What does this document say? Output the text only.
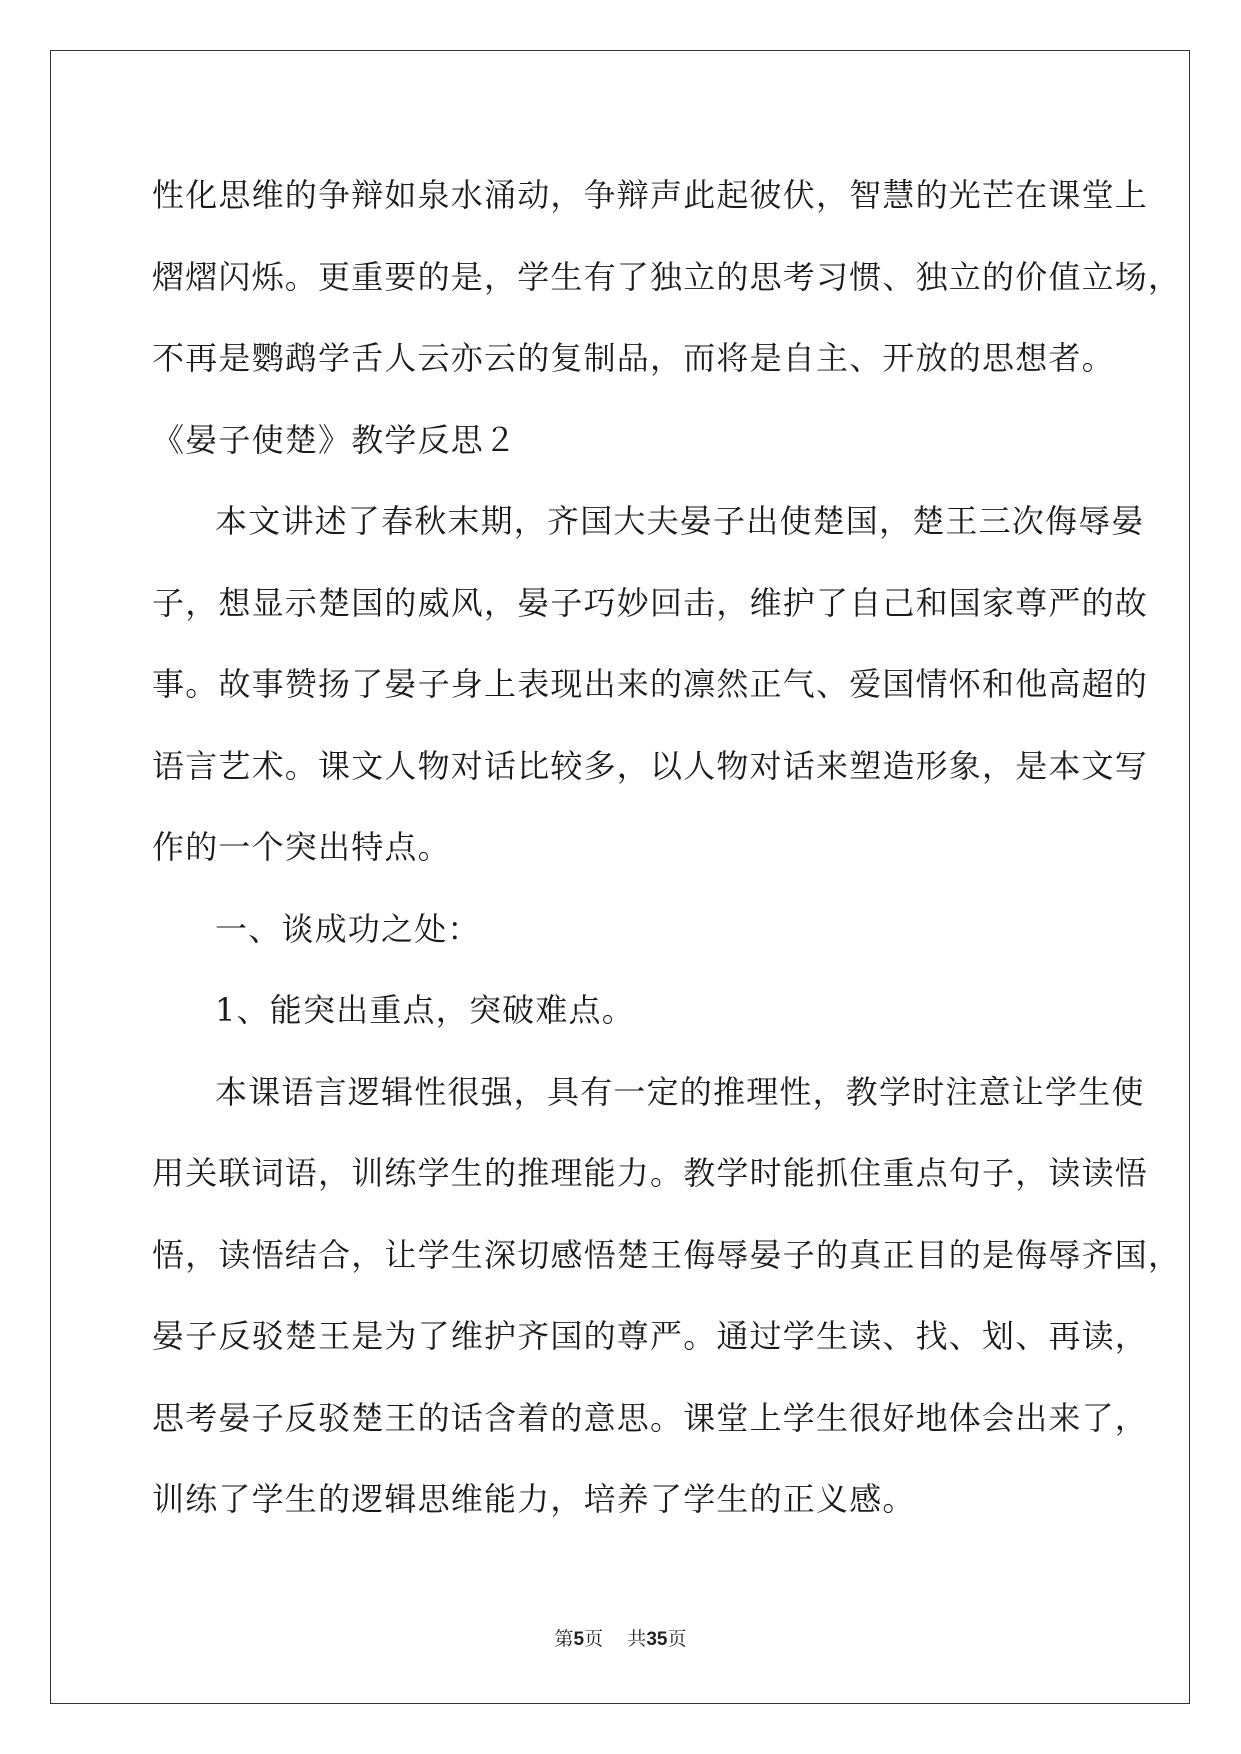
性化思维的争辩如泉水涌动，争辩声此起彼伏，智慧的光芒在课堂上
熠熠闪烁。更重要的是，学生有了独立的思考习惯、独立的价值立场，
不再是鹦鹉学舌人云亦云的复制品，而将是自主、开放的思想者。
《晏子使楚》教学反思２
本文讲述了春秋末期，齐国大夫晏子出使楚国，楚王三次侮辱晏
子，想显示楚国的威风，晏子巧妙回击，维护了自己和国家尊严的故
事。故事赞扬了晏子身上表现出来的凛然正气、爱国情怀和他高超的
语言艺术。课文人物对话比较多，以人物对话来塑造形象，是本文写
作的一个突出特点。
一、谈成功之处：
1、能突出重点，突破难点。
本课语言逻辑性很强，具有一定的推理性，教学时注意让学生使
用关联词语，训练学生的推理能力。教学时能抓住重点句子，读读悟
悟，读悟结合，让学生深切感悟楚王侮辱晏子的真正目的是侮辱齐国，
晏子反驳楚王是为了维护齐国的尊严。通过学生读、找、划、再读，
思考晏子反驳楚王的话含着的意思。课堂上学生很好地体会出来了，
训练了学生的逻辑思维能力，培养了学生的正义感。
第5页 共35页
